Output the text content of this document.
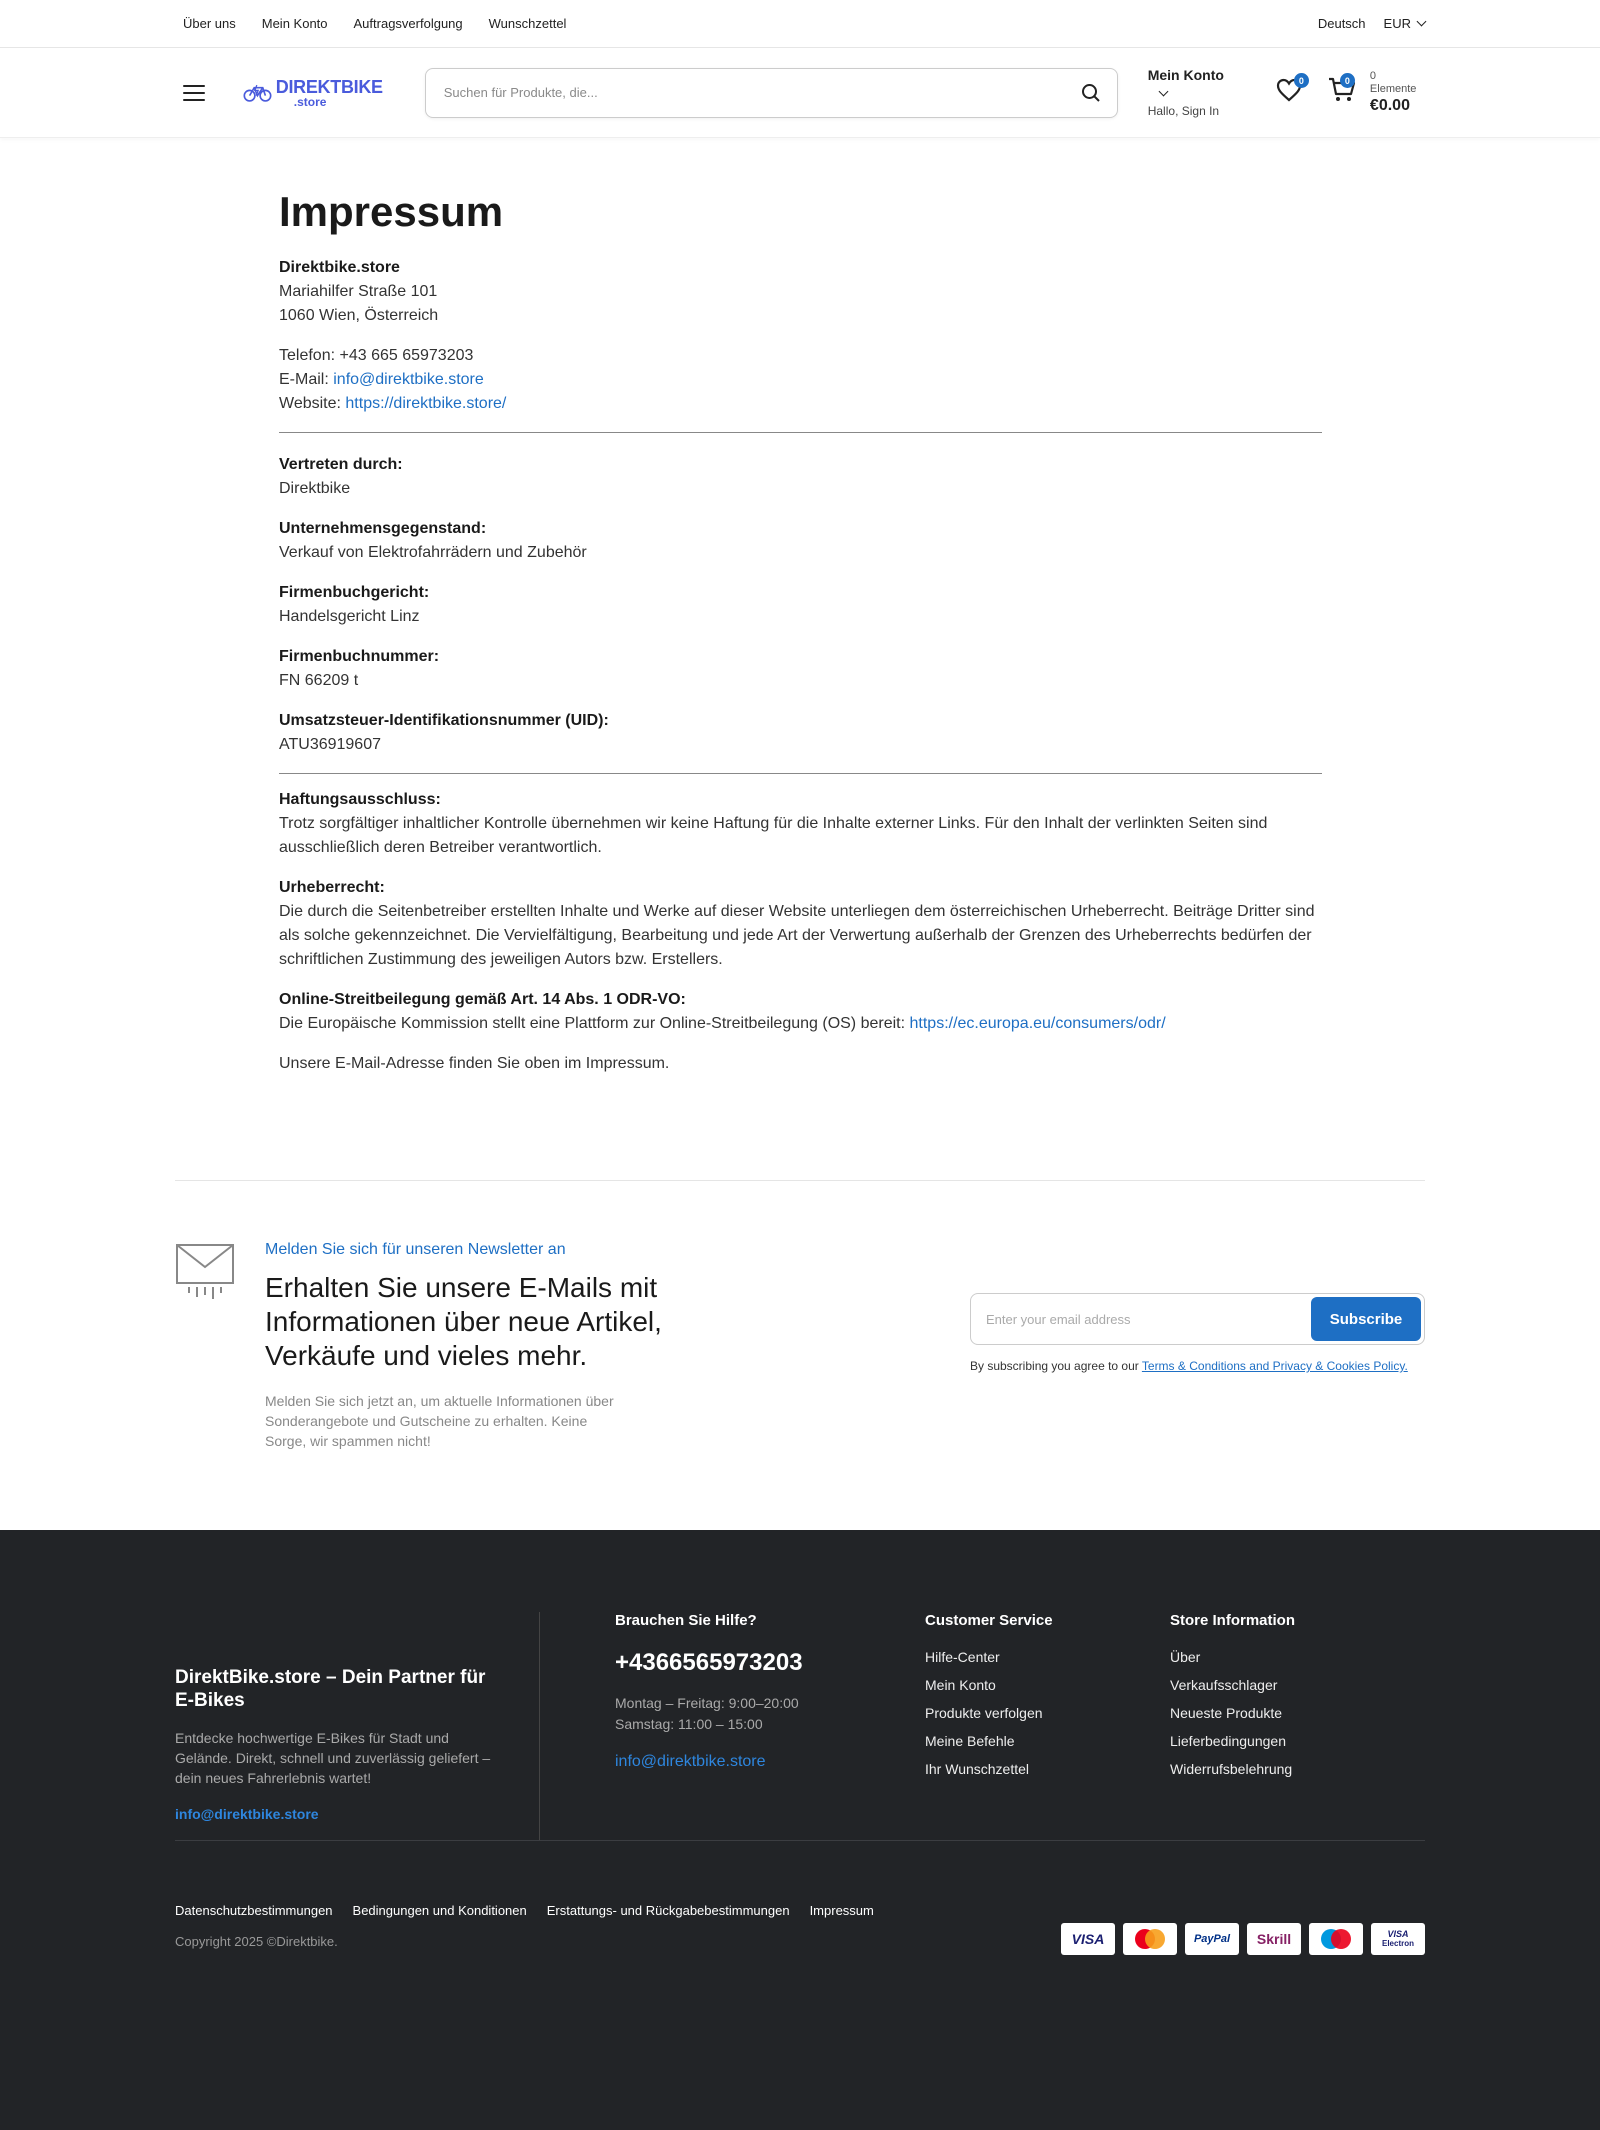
Über uns Mein Konto Auftragsverfolgung Wunschzettel	Deutsch EUR
DIREKTBIKE
.store
Suchen für Produkte, die...
Mein Konto
Hallo, Sign In
0	0	0 Elemente
€0.00
Impressum
Direktbike.store
Mariahilfer Straße 101
1060 Wien, Österreich
Telefon: +43 665 65973203
E-Mail: info@direktbike.store
Website: https://direktbike.store/
Vertreten durch:
Direktbike
Unternehmensgegenstand:
Verkauf von Elektrofahrrädern und Zubehör
Firmenbuchgericht:
Handelsgericht Linz
Firmenbuchnummer:
FN 66209 t
Umsatzsteuer-Identifikationsnummer (UID):
ATU36919607
Haftungsausschluss:
Trotz sorgfältiger inhaltlicher Kontrolle übernehmen wir keine Haftung für die Inhalte externer Links. Für den Inhalt der verlinkten Seiten sind ausschließlich deren Betreiber verantwortlich.
Urheberrecht:
Die durch die Seitenbetreiber erstellten Inhalte und Werke auf dieser Website unterliegen dem österreichischen Urheberrecht. Beiträge Dritter sind als solche gekennzeichnet. Die Vervielfältigung, Bearbeitung und jede Art der Verwertung außerhalb der Grenzen des Urheberrechts bedürfen der schriftlichen Zustimmung des jeweiligen Autors bzw. Erstellers.
Online-Streitbeilegung gemäß Art. 14 Abs. 1 ODR-VO:
Die Europäische Kommission stellt eine Plattform zur Online-Streitbeilegung (OS) bereit: https://ec.europa.eu/consumers/odr/
Unsere E-Mail-Adresse finden Sie oben im Impressum.
Melden Sie sich für unseren Newsletter an
Erhalten Sie unsere E-Mails mit Informationen über neue Artikel, Verkäufe und vieles mehr.
Melden Sie sich jetzt an, um aktuelle Informationen über Sonderangebote und Gutscheine zu erhalten. Keine Sorge, wir spammen nicht!
Enter your email address	Subscribe
By subscribing you agree to our Terms & Conditions and Privacy & Cookies Policy.
DirektBike.store – Dein Partner für E-Bikes
Entdecke hochwertige E-Bikes für Stadt und Gelände. Direkt, schnell und zuverlässig geliefert – dein neues Fahrerlebnis wartet!
info@direktbike.store
Brauchen Sie Hilfe?
+4366565973203
Montag – Freitag: 9:00–20:00
Samstag: 11:00 – 15:00
info@direktbike.store
Customer Service
Hilfe-Center
Mein Konto
Produkte verfolgen
Meine Befehle
Ihr Wunschzettel
Store Information
Über
Verkaufsschlager
Neueste Produkte
Lieferbedingungen
Widerrufsbelehrung
Datenschutzbestimmungen Bedingungen und Konditionen Erstattungs- und Rückgabebestimmungen Impressum
Copyright 2025 ©Direktbike.	VISA	PayPal	Skrill	VISA
Electron
